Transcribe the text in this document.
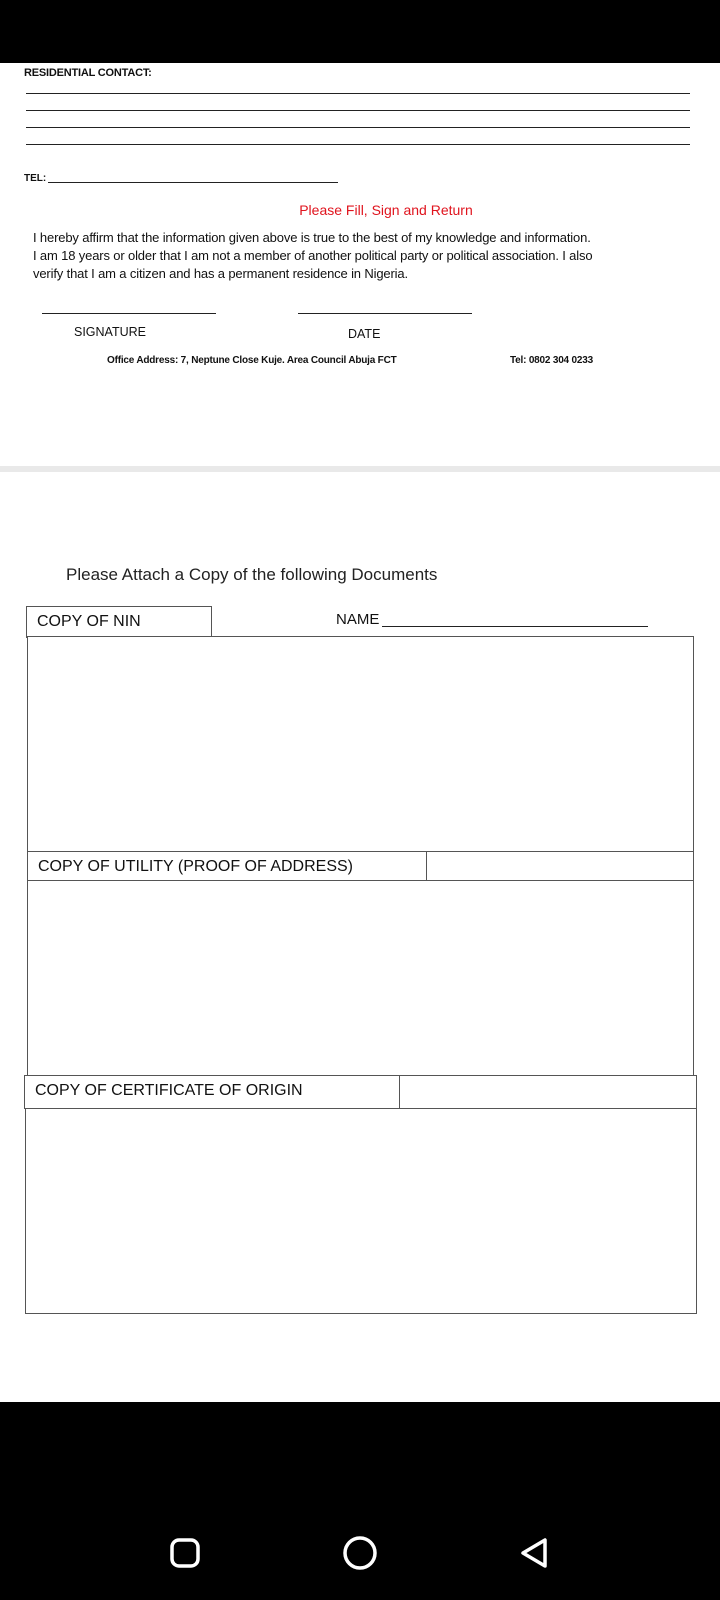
RESIDENTIAL CONTACT:
TEL:
Please Fill, Sign and Return
I hereby affirm that the information given above is true to the best of my knowledge and information.
I am 18 years or older that I am not a member of another political party or political association. I also
verify that I am a citizen and has a permanent residence in Nigeria.
SIGNATURE	DATE
Office Address: 7, Neptune Close Kuje. Area Council Abuja FCT	Tel: 0802 304 0233
Please Attach a Copy of the following Documents
COPY OF NIN	NAME
COPY OF UTILITY (PROOF OF ADDRESS)
COPY OF CERTIFICATE OF ORIGIN
